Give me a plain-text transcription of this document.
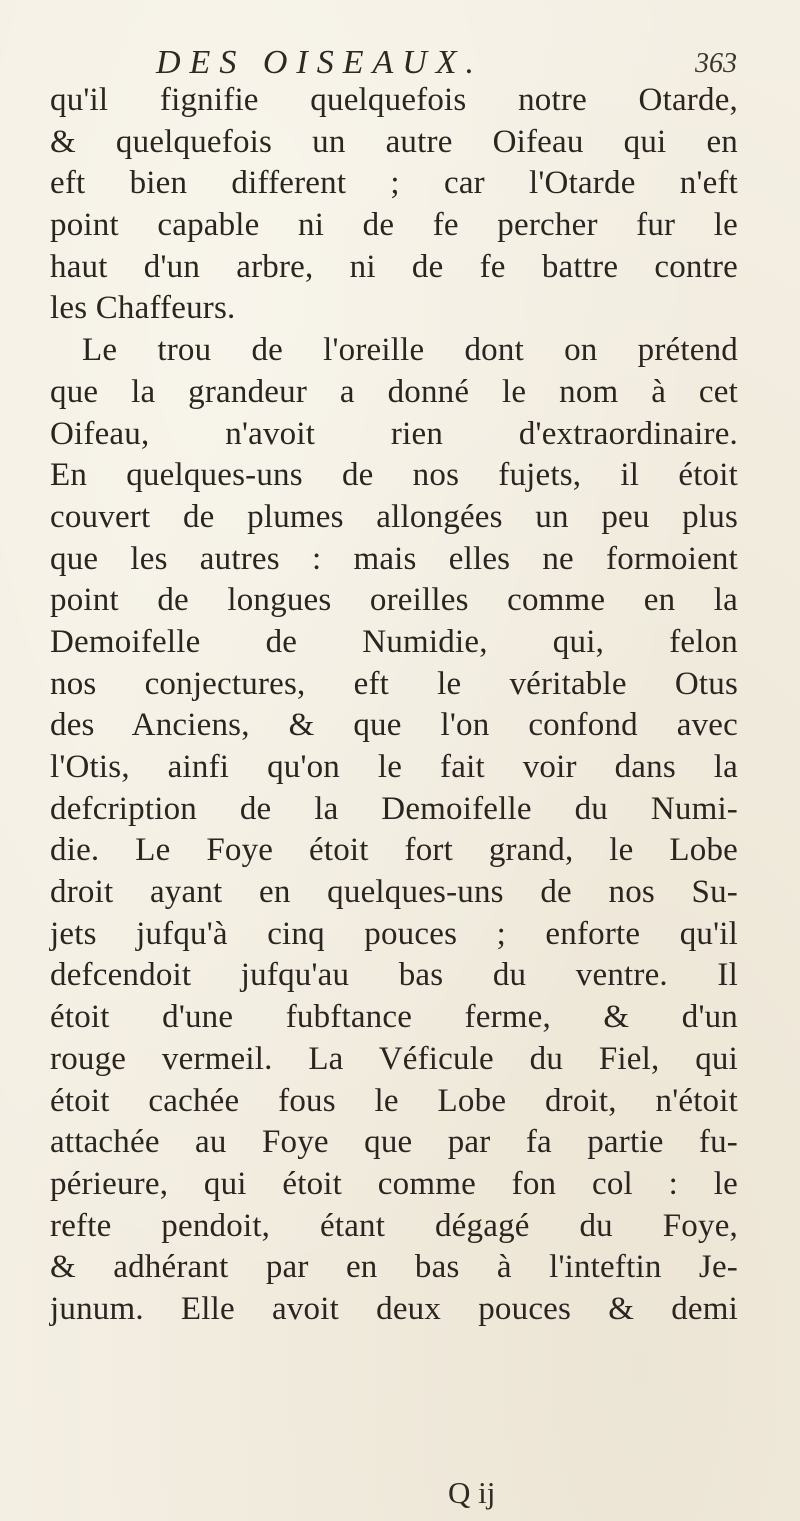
DES OISEAUX.	363
qu'il fignifie quelquefois notre Otarde,
& quelquefois un autre Oifeau qui en
eft bien different ; car l'Otarde n'eft
point capable ni de fe percher fur le
haut d'un arbre, ni de fe battre contre
les Chaffeurs.
Le trou de l'oreille dont on prétend
que la grandeur a donné le nom à cet
Oifeau, n'avoit rien d'extraordinaire.
En quelques-uns de nos fujets, il étoit
couvert de plumes allongées un peu plus
que les autres : mais elles ne formoient
point de longues oreilles comme en la
Demoifelle de Numidie, qui, felon
nos conjectures, eft le véritable Otus
des Anciens, & que l'on confond avec
l'Otis, ainfi qu'on le fait voir dans la
defcription de la Demoifelle du Numi-
die. Le Foye étoit fort grand, le Lobe
droit ayant en quelques-uns de nos Su-
jets jufqu'à cinq pouces ; enforte qu'il
defcendoit jufqu'au bas du ventre. Il
étoit d'une fubftance ferme, & d'un
rouge vermeil. La Véficule du Fiel, qui
étoit cachée fous le Lobe droit, n'étoit
attachée au Foye que par fa partie fu-
périeure, qui étoit comme fon col : le
refte pendoit, étant dégagé du Foye,
& adhérant par en bas à l'inteftin Je-
junum. Elle avoit deux pouces & demi
Q ij
